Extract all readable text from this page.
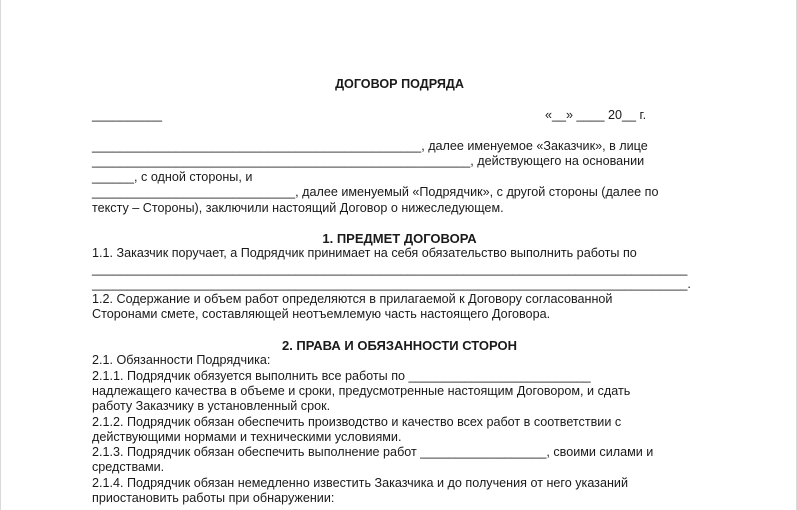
ДОГОВОР ПОДРЯДА
__________	«__» ____ 20__ г.
_______________________________________________, далее именуемое «Заказчик», в лице
______________________________________________________, действующего на основании
______, с одной стороны, и
_____________________________, далее именуемый «Подрядчик», с другой стороны (далее по
тексту – Стороны), заключили настоящий Договор о нижеследующем.
1. ПРЕДМЕТ ДОГОВОРА
1.1. Заказчик поручает, а Подрядчик принимает на себя обязательство выполнить работы по
_____________________________________________________________________________________
_____________________________________________________________________________________.
1.2. Содержание и объем работ определяются в прилагаемой к Договору согласованной
Сторонами смете, составляющей неотъемлемую часть настоящего Договора.
2. ПРАВА И ОБЯЗАННОСТИ СТОРОН
2.1. Обязанности Подрядчика:
2.1.1. Подрядчик обязуется выполнить все работы по __________________________
надлежащего качества в объеме и сроки, предусмотренные настоящим Договором, и сдать
работу Заказчику в установленный срок.
2.1.2. Подрядчик обязан обеспечить производство и качество всех работ в соответствии с
действующими нормами и техническими условиями.
2.1.3. Подрядчик обязан обеспечить выполнение работ __________________, своими силами и
средствами.
2.1.4. Подрядчик обязан немедленно известить Заказчика и до получения от него указаний
приостановить работы при обнаружении:
